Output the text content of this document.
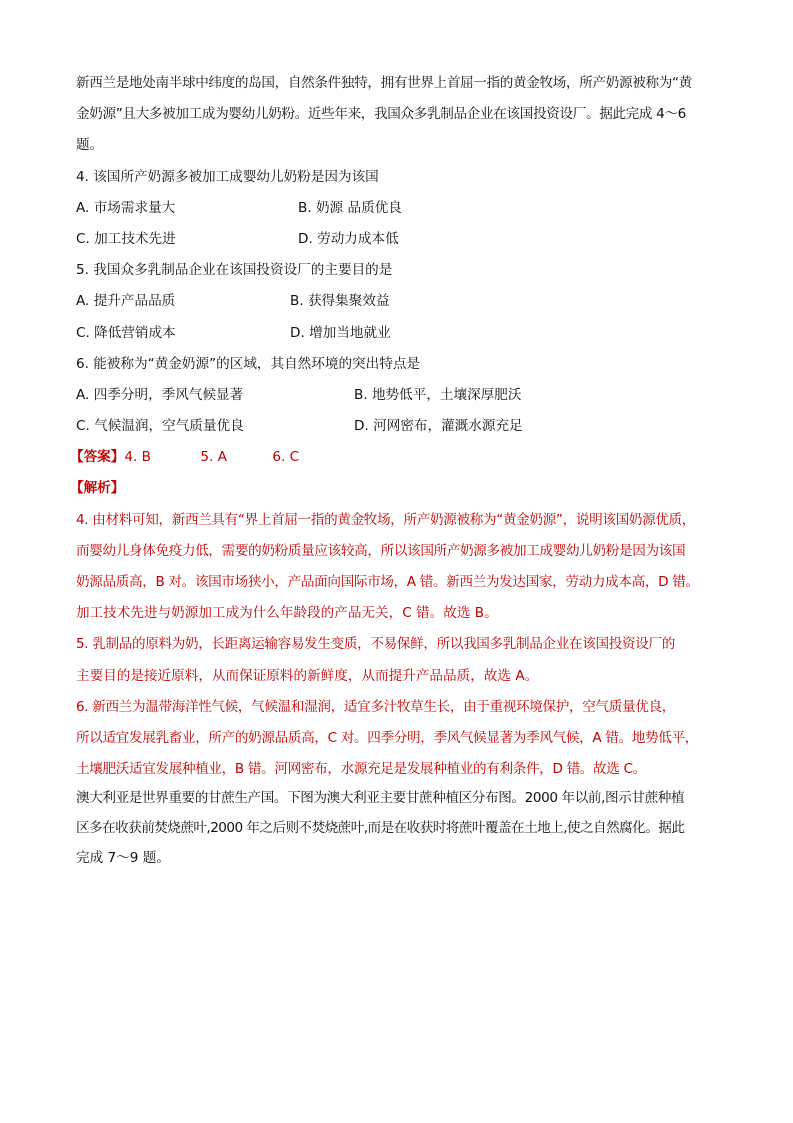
新西兰是地处南半球中纬度的岛国，自然条件独特，拥有世界上首屈一指的黄金牧场，所产奶源被称为“黄
金奶源”且大多被加工成为婴幼儿奶粉。近些年来，我国众多乳制品企业在该国投资设厂。据此完成 4～6
题。
4. 该国所产奶源多被加工成婴幼儿奶粉是因为该国
A. 市场需求量大	B. 奶源 品质优良
C. 加工技术先进	D. 劳动力成本低
5. 我国众多乳制品企业在该国投资设厂的主要目的是
A. 提升产品品质	B. 获得集聚效益
C. 降低营销成本	D. 增加当地就业
6. 能被称为“黄金奶源”的区域，其自然环境的突出特点是
A. 四季分明，季风气候显著	B. 地势低平，土壤深厚肥沃
C. 气候温润，空气质量优良	D. 河网密布，灌溉水源充足
【答案】 4. B	5. A	6. C
【解析】
4. 由材料可知，新西兰具有“界上首屈一指的黄金牧场，所产奶源被称为“黄金奶源”，说明该国奶源优质，
而婴幼儿身体免疫力低，需要的奶粉质量应该较高，所以该国所产奶源多被加工成婴幼儿奶粉是因为该国
奶源品质高，B 对。该国市场狭小，产品面向国际市场，A 错。新西兰为发达国家，劳动力成本高，D 错。
加工技术先进与奶源加工成为什么年龄段的产品无关，C 错。故选 B。
5. 乳制品的原料为奶，长距离运输容易发生变质，不易保鲜，所以我国多乳制品企业在该国投资设厂的
主要目的是接近原料，从而保证原料的新鲜度，从而提升产品品质，故选 A。
6. 新西兰为温带海洋性气候，气候温和湿润，适宜多汁牧草生长，由于重视环境保护，空气质量优良，
所以适宜发展乳畜业，所产的奶源品质高，C 对。四季分明，季风气候显著为季风气候，A 错。地势低平，
土壤肥沃适宜发展种植业，B 错。河网密布，水源充足是发展种植业的有利条件，D 错。故选 C。
澳大利亚是世界重要的甘蔗生产国。下图为澳大利亚主要甘蔗种植区分布图。2000 年以前,图示甘蔗种植
区多在收获前焚烧蔗叶,2000 年之后则不焚烧蔗叶,而是在收获时将蔗叶覆盖在土地上,使之自然腐化。据此
完成 7～9 题。
